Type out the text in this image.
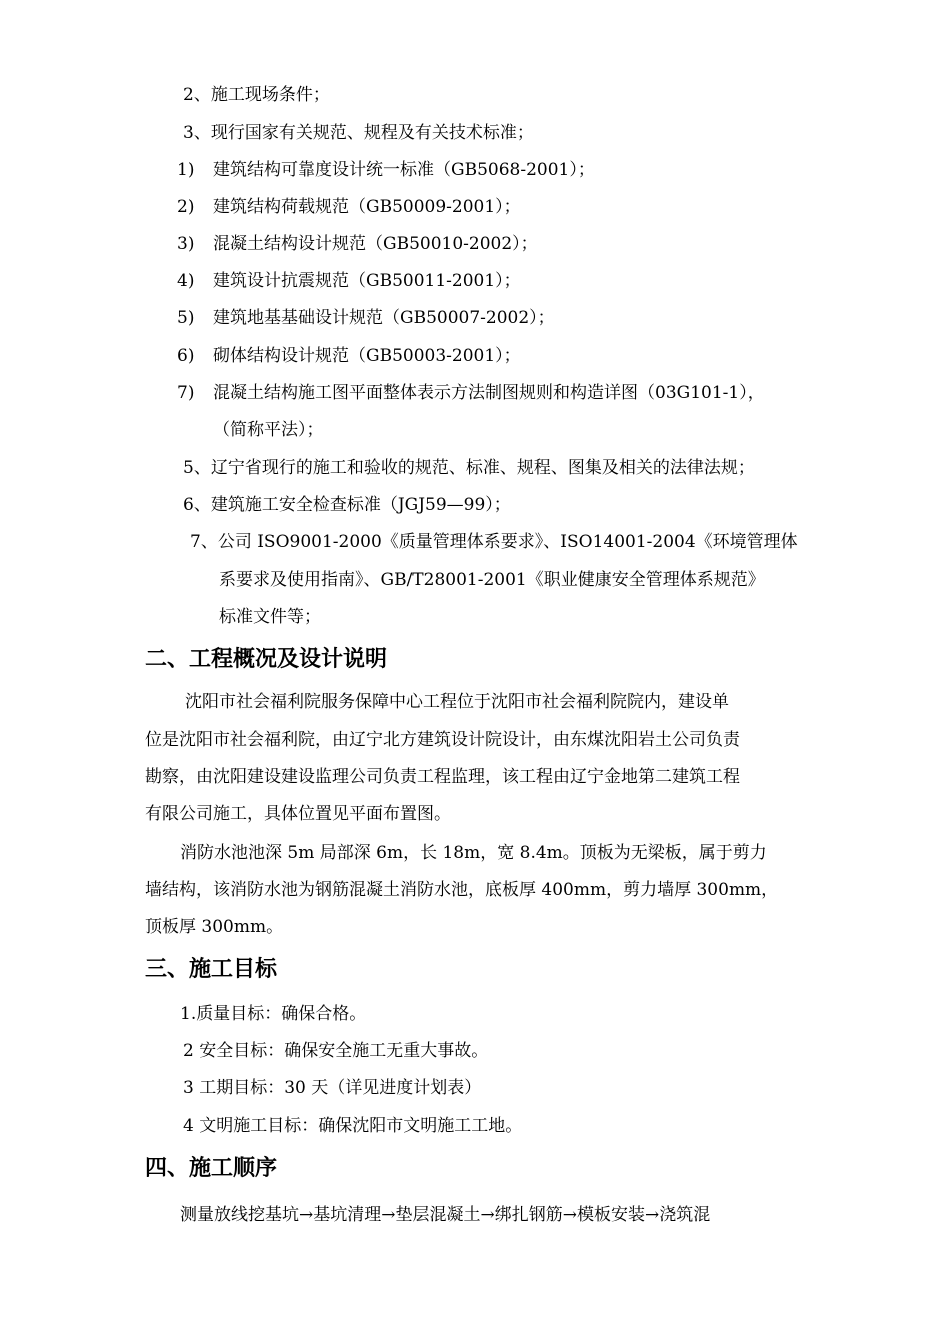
2、施工现场条件；
3、现行国家有关规范、规程及有关技术标准；
1) 建筑结构可靠度设计统一标准（GB5068-2001）；
2) 建筑结构荷载规范（GB50009-2001）；
3) 混凝土结构设计规范（GB50010-2002）；
4) 建筑设计抗震规范（GB50011-2001）；
5) 建筑地基基础设计规范（GB50007-2002）；
6) 砌体结构设计规范（GB50003-2001）；
7) 混凝土结构施工图平面整体表示方法制图规则和构造详图（03G101-1），
（简称平法）；
5、辽宁省现行的施工和验收的规范、标准、规程、图集及相关的法律法规；
6、建筑施工安全检查标准（JGJ59—99）；
7、公司 ISO9001-2000《质量管理体系要求》、ISO14001-2004《环境管理体
系要求及使用指南》、GB/T28001-2001《职业健康安全管理体系规范》
标准文件等；
二、工程概况及设计说明
沈阳市社会福利院服务保障中心工程位于沈阳市社会福利院院内，建设单
位是沈阳市社会福利院，由辽宁北方建筑设计院设计，由东煤沈阳岩土公司负责
勘察，由沈阳建设建设监理公司负责工程监理，该工程由辽宁金地第二建筑工程
有限公司施工，具体位置见平面布置图。
消防水池池深 5m 局部深 6m，长 18m，宽 8.4m。顶板为无梁板，属于剪力
墙结构，该消防水池为钢筋混凝土消防水池，底板厚 400mm，剪力墙厚 300mm，
顶板厚 300mm。
三、施工目标
1.质量目标：确保合格。
2 安全目标：确保安全施工无重大事故。
3 工期目标：30 天（详见进度计划表）
4 文明施工目标：确保沈阳市文明施工工地。
四、施工顺序
测量放线挖基坑→基坑清理→垫层混凝土→绑扎钢筋→模板安装→浇筑混
